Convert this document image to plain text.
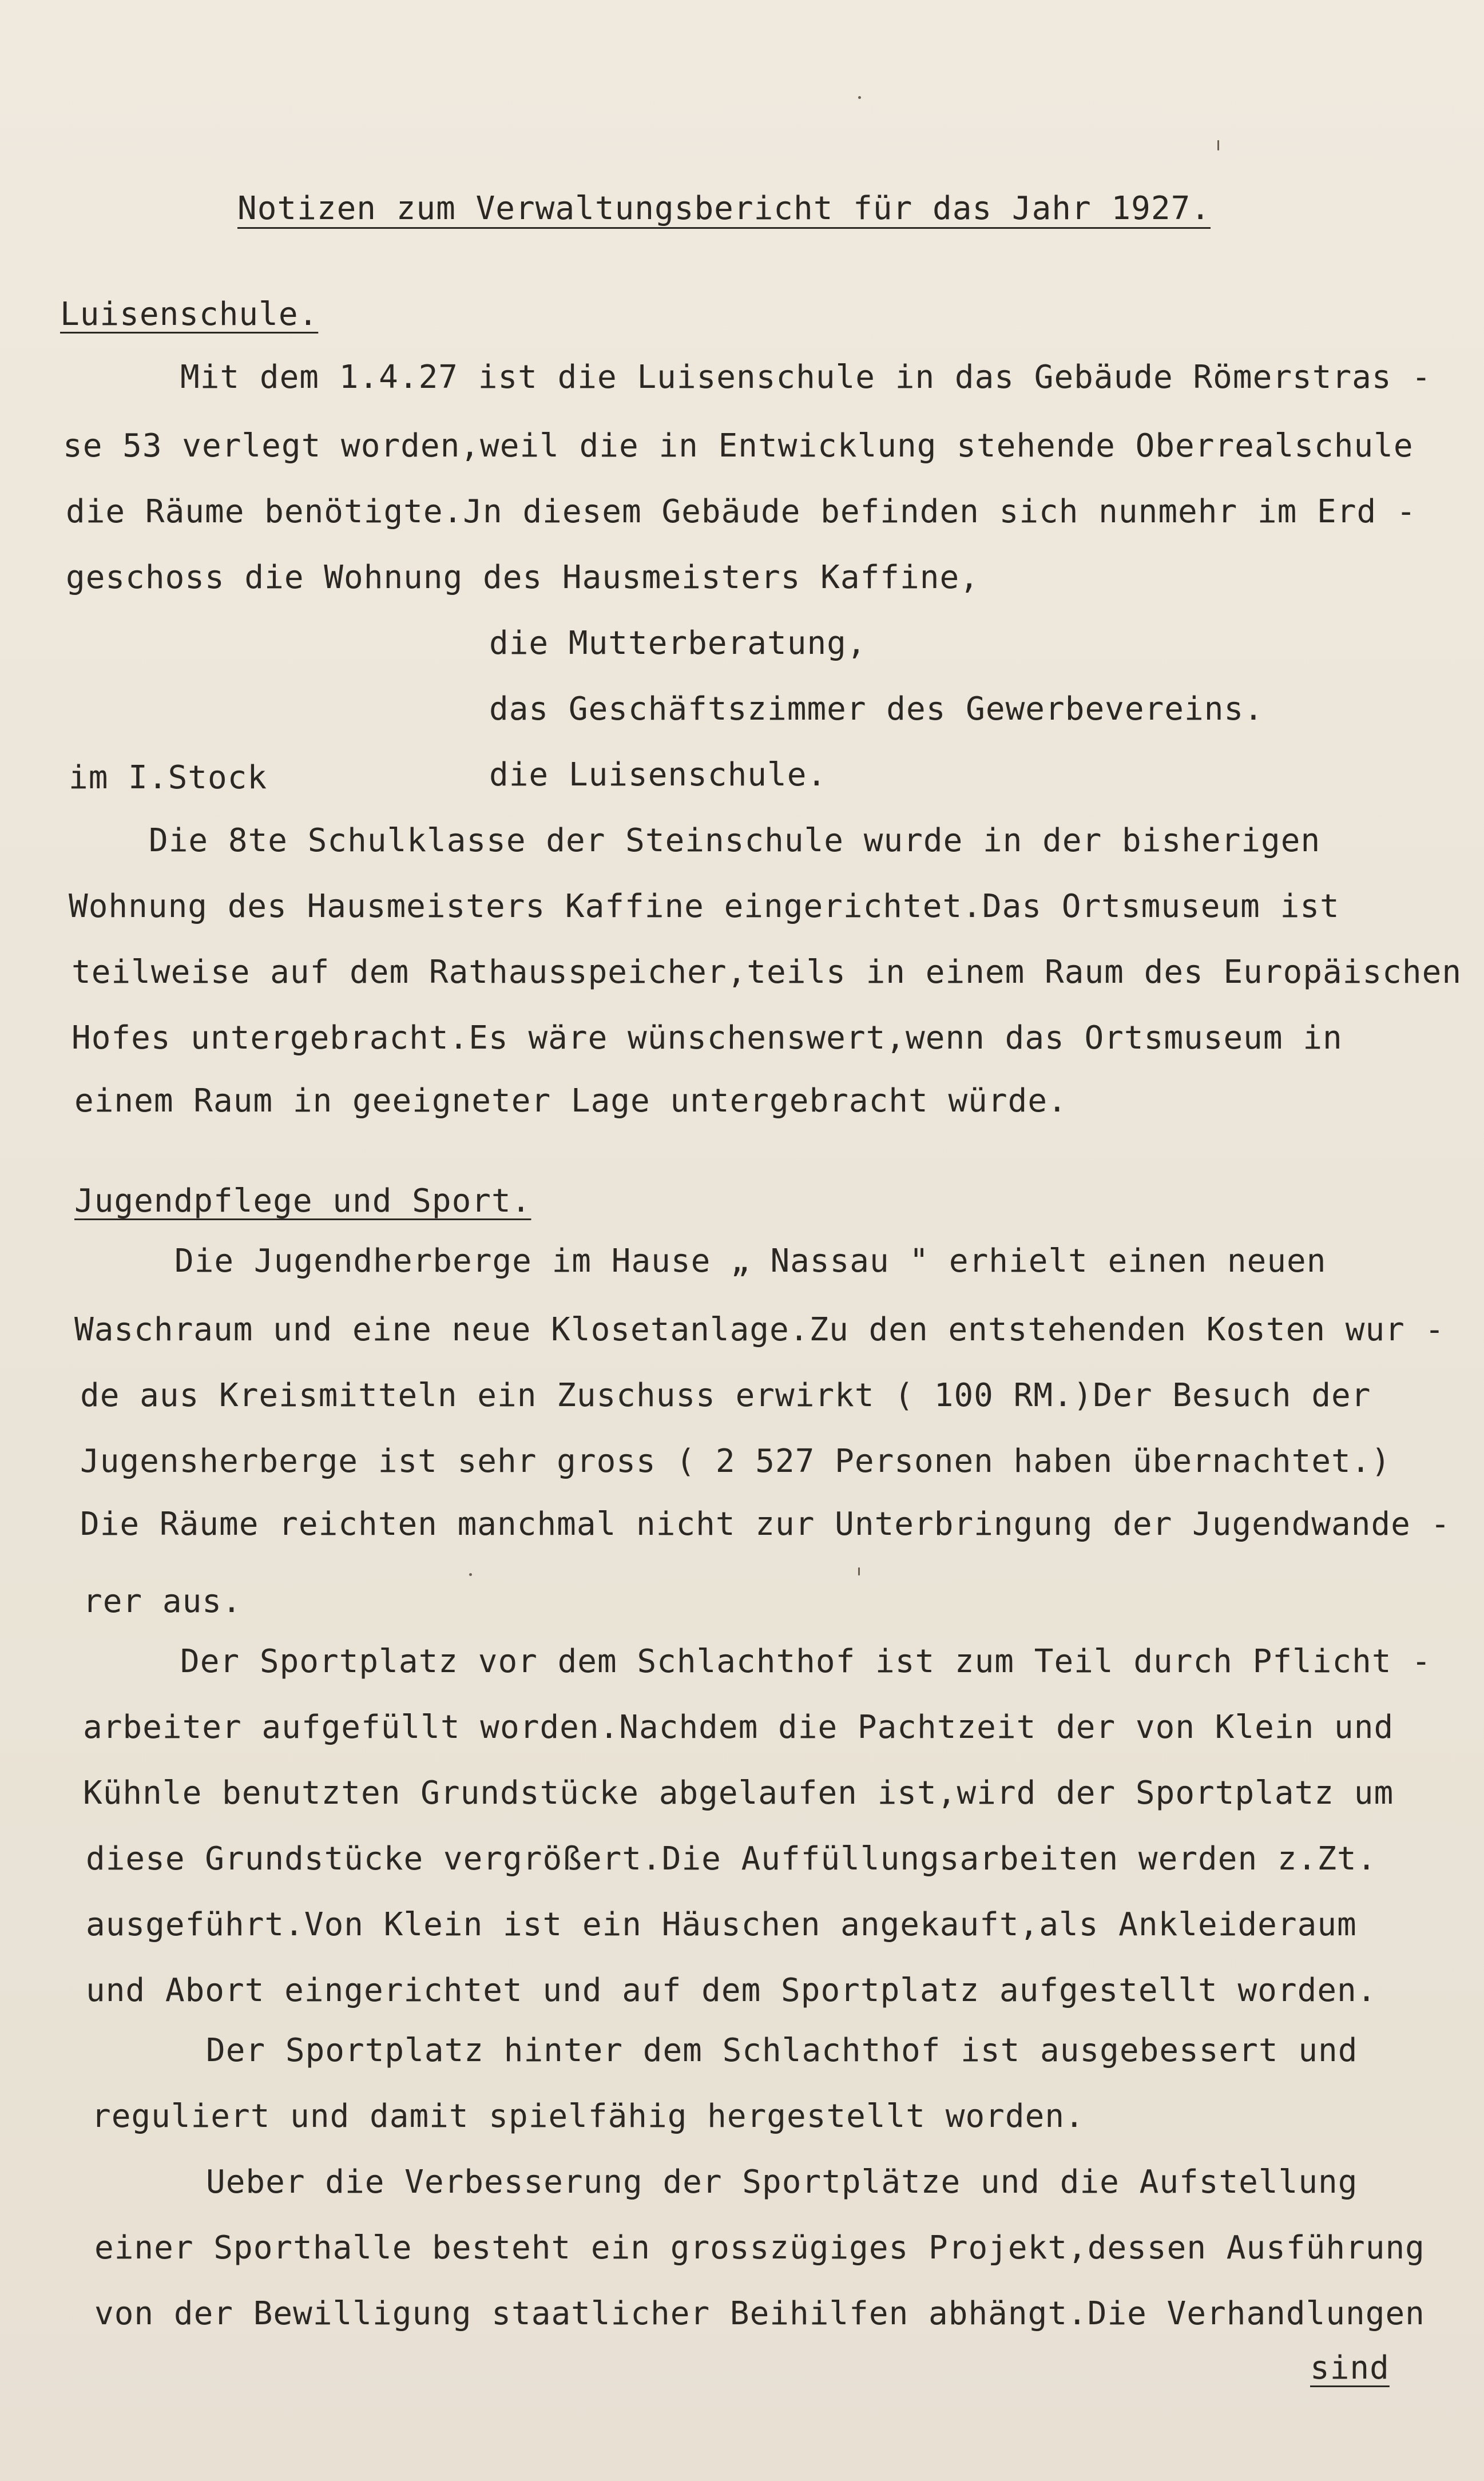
Notizen zum Verwaltungsbericht für das Jahr 1927.
Luisenschule.
Mit dem 1.4.27 ist die Luisenschule in das Gebäude Römerstras -
se 53 verlegt worden,weil die in Entwicklung stehende Oberrealschule
die Räume benötigte.Jn diesem Gebäude befinden sich nunmehr im Erd -
geschoss die Wohnung des Hausmeisters Kaffine,
die Mutterberatung,
das Geschäftszimmer des Gewerbevereins.
im I.Stock	die Luisenschule.
Die 8te Schulklasse der Steinschule wurde in der bisherigen
Wohnung des Hausmeisters Kaffine eingerichtet.Das Ortsmuseum ist
teilweise auf dem Rathausspeicher,teils in einem Raum des Europäischen
Hofes untergebracht.Es wäre wünschenswert,wenn das Ortsmuseum in
einem Raum in geeigneter Lage untergebracht würde.
Jugendpflege und Sport.
Die Jugendherberge im Hause „ Nassau " erhielt einen neuen
Waschraum und eine neue Klosetanlage.Zu den entstehenden Kosten wur -
de aus Kreismitteln ein Zuschuss erwirkt ( 100 RM.)Der Besuch der
Jugensherberge ist sehr gross ( 2 527 Personen haben übernachtet.)
Die Räume reichten manchmal nicht zur Unterbringung der Jugendwande -
rer aus.
Der Sportplatz vor dem Schlachthof ist zum Teil durch Pflicht -
arbeiter aufgefüllt worden.Nachdem die Pachtzeit der von Klein und
Kühnle benutzten Grundstücke abgelaufen ist,wird der Sportplatz um
diese Grundstücke vergrößert.Die Auffüllungsarbeiten werden z.Zt.
ausgeführt.Von Klein ist ein Häuschen angekauft,als Ankleideraum
und Abort eingerichtet und auf dem Sportplatz aufgestellt worden.
Der Sportplatz hinter dem Schlachthof ist ausgebessert und
reguliert und damit spielfähig hergestellt worden.
Ueber die Verbesserung der Sportplätze und die Aufstellung
einer Sporthalle besteht ein grosszügiges Projekt,dessen Ausführung
von der Bewilligung staatlicher Beihilfen abhängt.Die Verhandlungen
sind
